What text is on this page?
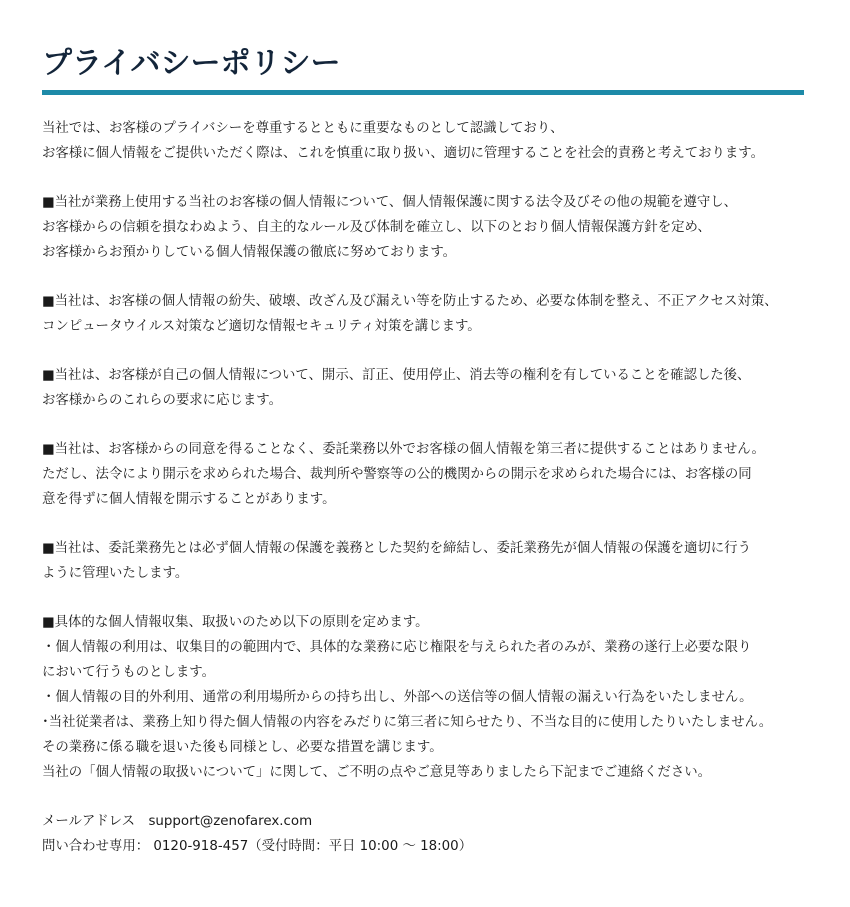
プライバシーポリシー
当社では、お客様のプライバシーを尊重するとともに重要なものとして認識しており、
お客様に個人情報をご提供いただく際は、これを慎重に取り扱い、適切に管理することを社会的責務と考えております。
■当社が業務上使用する当社のお客様の個人情報について、個人情報保護に関する法令及びその他の規範を遵守し、
お客様からの信頼を損なわぬよう、自主的なルール及び体制を確立し、以下のとおり個人情報保護方針を定め、
お客様からお預かりしている個人情報保護の徹底に努めております。
■当社は、お客様の個人情報の紛失、破壊、改ざん及び漏えい等を防止するため、必要な体制を整え、不正アクセス対策、
コンピュータウイルス対策など適切な情報セキュリティ対策を講じます。
■当社は、お客様が自己の個人情報について、開示、訂正、使用停止、消去等の権利を有していることを確認した後、
お客様からのこれらの要求に応じます。
■当社は、お客様からの同意を得ることなく、委託業務以外でお客様の個人情報を第三者に提供することはありません。
ただし、法令により開示を求められた場合、裁判所や警察等の公的機関からの開示を求められた場合には、お客様の同
意を得ずに個人情報を開示することがあります。
■当社は、委託業務先とは必ず個人情報の保護を義務とした契約を締結し、委託業務先が個人情報の保護を適切に行う
ように管理いたします。
■具体的な個人情報収集、取扱いのため以下の原則を定めます。
・個人情報の利用は、収集目的の範囲内で、具体的な業務に応じ権限を与えられた者のみが、業務の遂行上必要な限り
において行うものとします。
・個人情報の目的外利用、通常の利用場所からの持ち出し、外部への送信等の個人情報の漏えい行為をいたしません。
･当社従業者は、業務上知り得た個人情報の内容をみだりに第三者に知らせたり、不当な目的に使用したりいたしません。
その業務に係る職を退いた後も同様とし、必要な措置を講じます。
当社の「個人情報の取扱いについて」に関して、ご不明の点やご意見等ありましたら下記までご連絡ください。
メールアドレス　support@zenofarex.com
問い合わせ専用： 0120-918-457（受付時間：平日 10:00 ～ 18:00）
